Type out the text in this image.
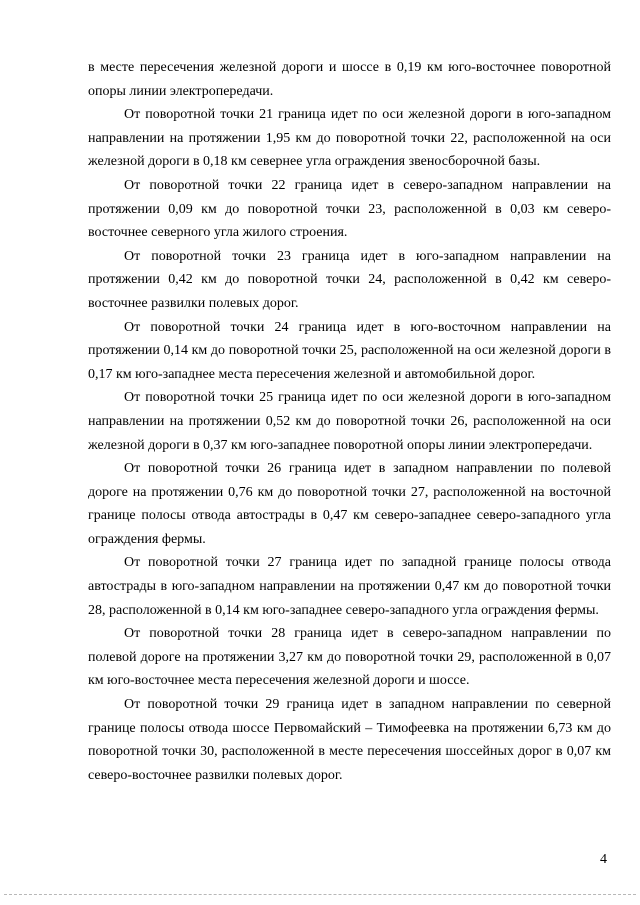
в месте пересечения железной дороги и шоссе в 0,19 км юго-восточнее поворотной опоры линии электропередачи.

От поворотной точки 21 граница идет по оси железной дороги в юго-западном направлении на протяжении 1,95 км до поворотной точки 22, расположенной на оси железной дороги в 0,18 км севернее угла ограждения звеносборочной базы.

От поворотной точки 22 граница идет в северо-западном направлении на протяжении 0,09 км до поворотной точки 23, расположенной в 0,03 км северо-восточнее северного угла жилого строения.

От поворотной точки 23 граница идет в юго-западном направлении на протяжении 0,42 км до поворотной точки 24, расположенной в 0,42 км северо-восточнее развилки полевых дорог.

От поворотной точки 24 граница идет в юго-восточном направлении на протяжении 0,14 км до поворотной точки 25, расположенной на оси железной дороги в 0,17 км юго-западнее места пересечения железной и автомобильной дорог.

От поворотной точки 25 граница идет по оси железной дороги в юго-западном направлении на протяжении 0,52 км до поворотной точки 26, расположенной на оси железной дороги в 0,37 км юго-западнее поворотной опоры линии электропередачи.

От поворотной точки 26 граница идет в западном направлении по полевой дороге на протяжении 0,76 км до поворотной точки 27, расположенной на восточной границе полосы отвода автострады в 0,47 км северо-западнее северо-западного угла ограждения фермы.

От поворотной точки 27 граница идет по западной границе полосы отвода автострады в юго-западном направлении на протяжении 0,47 км до поворотной точки 28, расположенной в 0,14 км юго-западнее северо-западного угла ограждения фермы.

От поворотной точки 28 граница идет в северо-западном направлении по полевой дороге на протяжении 3,27 км до поворотной точки 29, расположенной в 0,07 км юго-восточнее места пересечения железной дороги и шоссе.

От поворотной точки 29 граница идет в западном направлении по северной границе полосы отвода шоссе Первомайский – Тимофеевка на протяжении 6,73 км до поворотной точки 30, расположенной в месте пересечения шоссейных дорог в 0,07 км северо-восточнее развилки полевых дорог.

4
